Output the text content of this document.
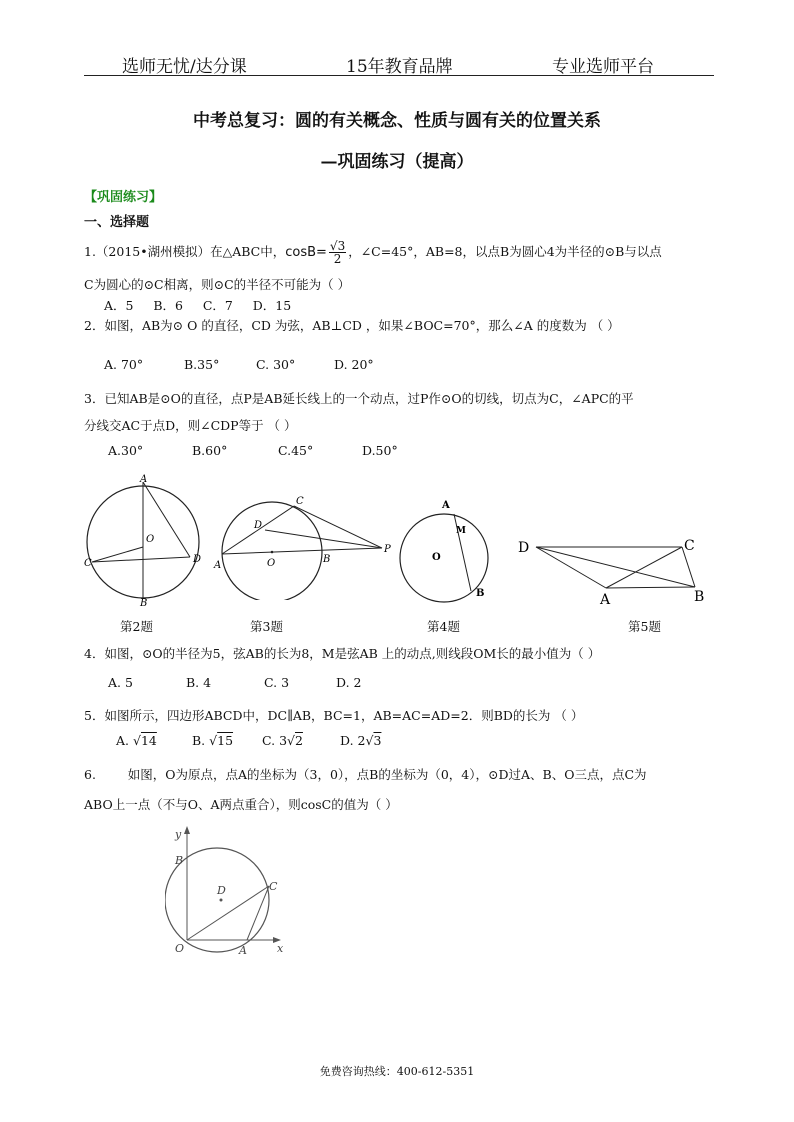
选师无忧/达分课	15年教育品牌	专业选师平台
中考总复习：圆的有关概念、性质与圆有关的位置关系
—巩固练习（提高）
【巩固练习】
一、选择题
1.（2015•湖州模拟）在△ABC中，$\cos B= \frac{√3}{2}$ ，∠C=45°，AB=8，以点B为圆心4为半径的⊙B与以点
C为圆心的⊙C相离，则⊙C的半径不可能为（ ）
A．5     B．6     C．7     D．15
2．如图，AB为⊙ O 的直径，CD 为弦，AB⊥CD ，如果∠BOC=70°，那么∠A 的度数为 （ ）
A. 70°	B.35°	C. 30°	D. 20°
3．已知AB是⊙O的直径，点P是AB延长线上的一个动点，过P作⊙O的切线，切点为C，∠APC的平
分线交AC于点D，则∠CDP等于 （ ）
A.30°	B.60°	C.45°	D.50°
A
O
C	D
B
第2题
C
D
A	O	B
P
第3题
A
M
O
B
第4题
D	C
A	B
第5题
4．如图，⊙O的半径为5，弦AB的长为8，M是弦AB 上的动点,则线段OM长的最小值为（ ）
A. 5	B. 4	C. 3	D. 2
5．如图所示，四边形ABCD中，DC∥AB，BC=1，AB=AC=AD=2．则BD的长为 （ ）
A. √14	B. √15 C. 3√2	D. 2√3
6.        如图，O为原点，点A的坐标为（3，0），点B的坐标为（0，4），⊙D过A、B、O三点，点C为
ABO上一点（不与O、A两点重合），则cosC的值为（ ）
y
B
D	C
O	A	x
免费咨询热线：400-612-5351
